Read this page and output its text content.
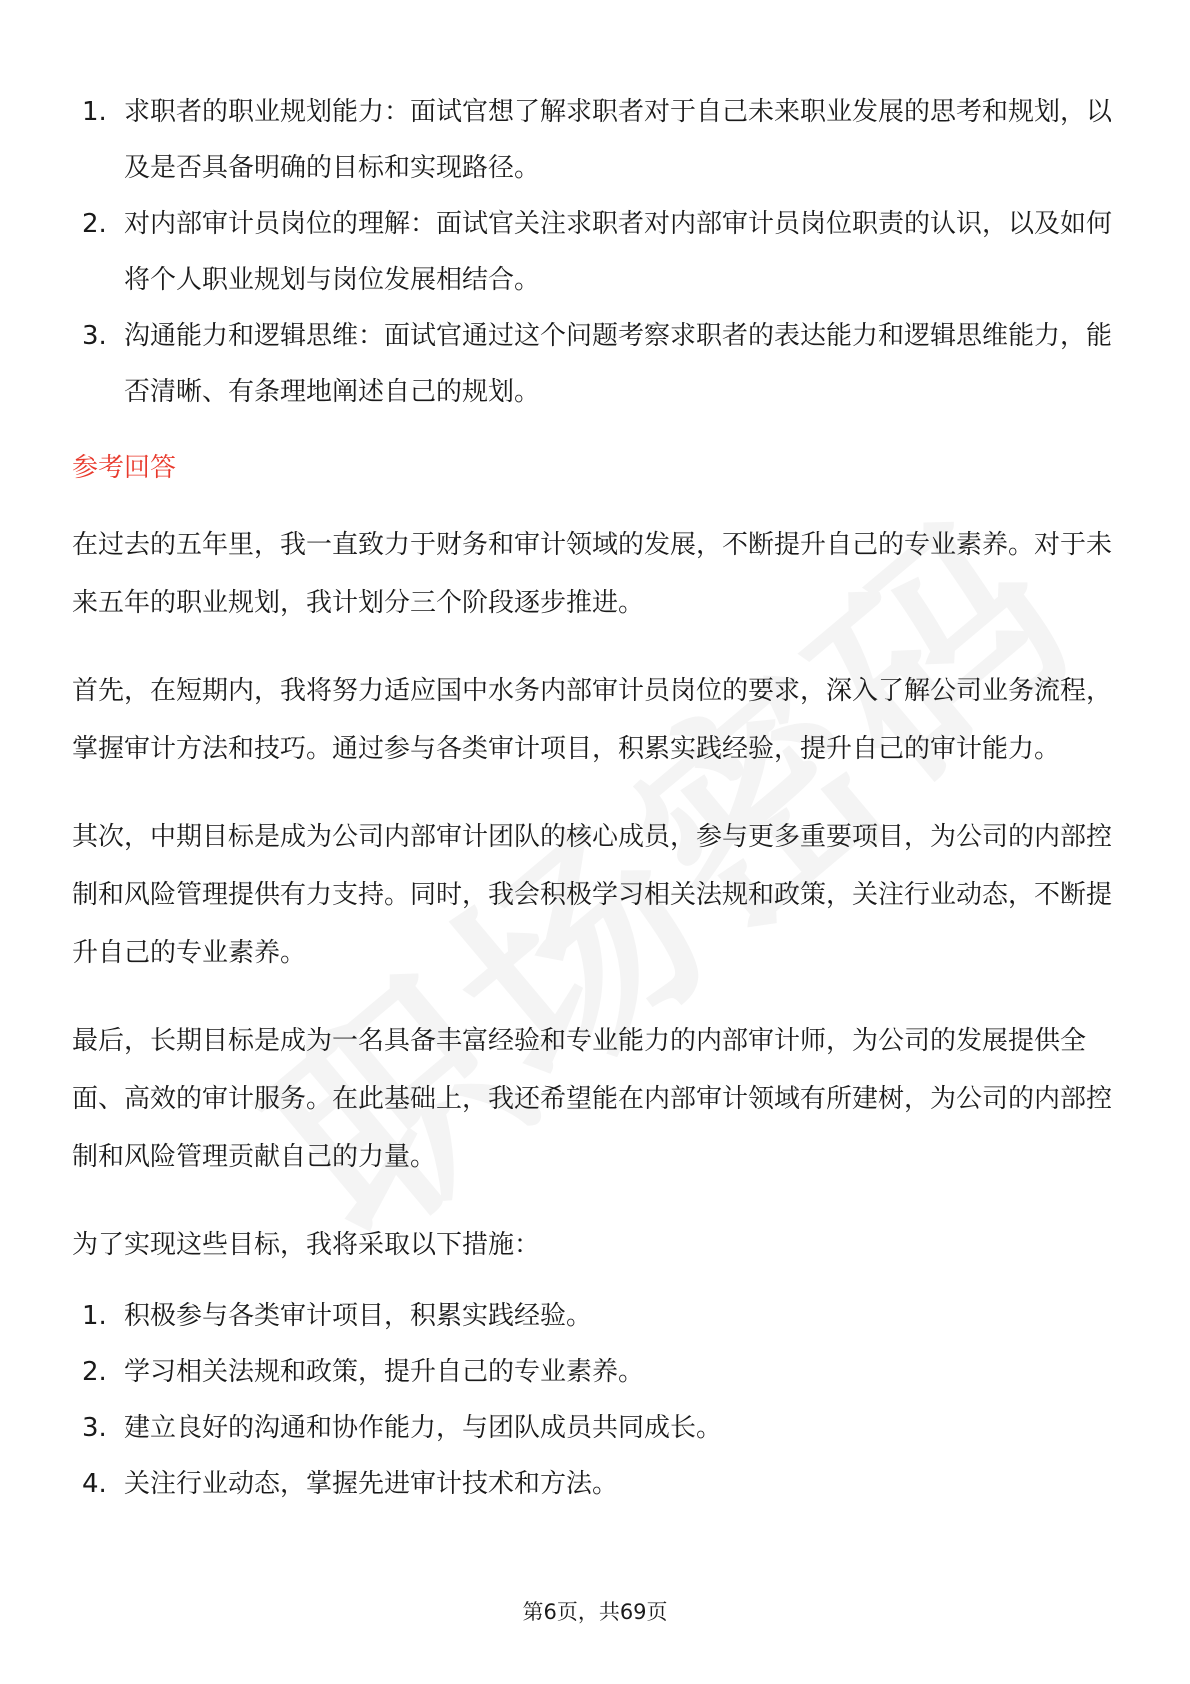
1. 求职者的职业规划能力：面试官想了解求职者对于自己未来职业发展的思考和规划，以及是否具备明确的目标和实现路径。
2. 对内部审计员岗位的理解：面试官关注求职者对内部审计员岗位职责的认识，以及如何将个人职业规划与岗位发展相结合。
3. 沟通能力和逻辑思维：面试官通过这个问题考察求职者的表达能力和逻辑思维能力，能否清晰、有条理地阐述自己的规划。
参考回答

在过去的五年里，我一直致力于财务和审计领域的发展，不断提升自己的专业素养。对于未来五年的职业规划，我计划分三个阶段逐步推进。

首先，在短期内，我将努力适应国中水务内部审计员岗位的要求，深入了解公司业务流程，掌握审计方法和技巧。通过参与各类审计项目，积累实践经验，提升自己的审计能力。

其次，中期目标是成为公司内部审计团队的核心成员，参与更多重要项目，为公司的内部控制和风险管理提供有力支持。同时，我会积极学习相关法规和政策，关注行业动态，不断提升自己的专业素养。

最后，长期目标是成为一名具备丰富经验和专业能力的内部审计师，为公司的发展提供全面、高效的审计服务。在此基础上，我还希望能在内部审计领域有所建树，为公司的内部控制和风险管理贡献自己的力量。

为了实现这些目标，我将采取以下措施：

1. 积极参与各类审计项目，积累实践经验。
2. 学习相关法规和政策，提升自己的专业素养。
3. 建立良好的沟通和协作能力，与团队成员共同成长。
4. 关注行业动态，掌握先进审计技术和方法。
第6页，共69页
